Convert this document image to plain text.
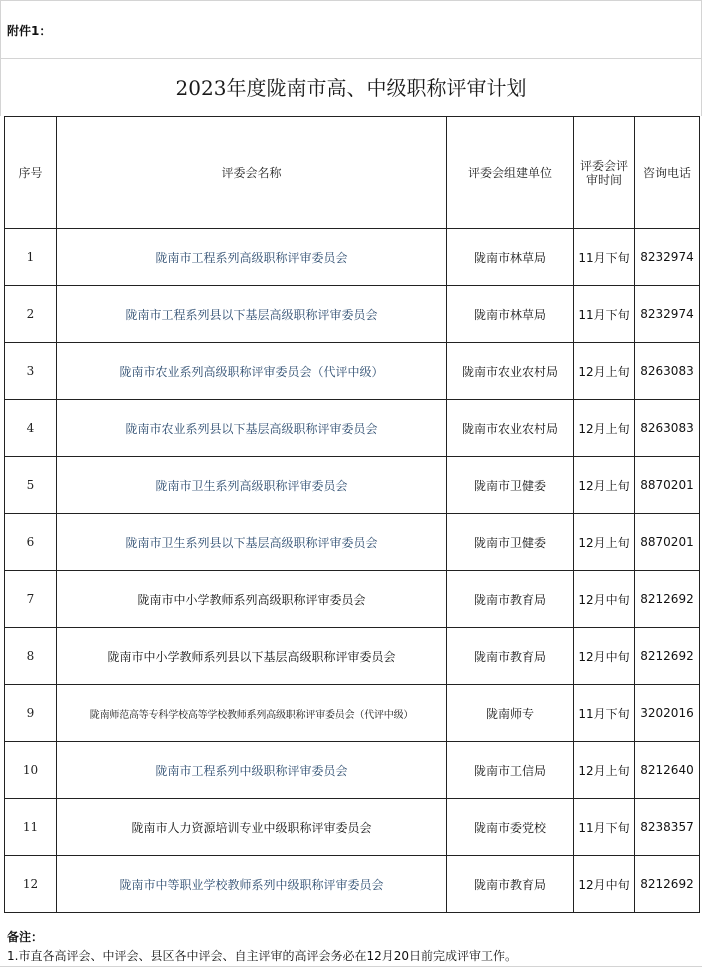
附件1：
2023年度陇南市高、中级职称评审计划
序号	评委会名称	评委会组建单位	评委会评审时间	咨询电话
1	陇南市工程系列高级职称评审委员会	陇南市林草局	11月下旬	8232974
2	陇南市工程系列县以下基层高级职称评审委员会	陇南市林草局	11月下旬	8232974
3	陇南市农业系列高级职称评审委员会（代评中级）	陇南市农业农村局	12月上旬	8263083
4	陇南市农业系列县以下基层高级职称评审委员会	陇南市农业农村局	12月上旬	8263083
5	陇南市卫生系列高级职称评审委员会	陇南市卫健委	12月上旬	8870201
6	陇南市卫生系列县以下基层高级职称评审委员会	陇南市卫健委	12月上旬	8870201
7	陇南市中小学教师系列高级职称评审委员会	陇南市教育局	12月中旬	8212692
8	陇南市中小学教师系列县以下基层高级职称评审委员会	陇南市教育局	12月中旬	8212692
9	陇南师范高等专科学校高等学校教师系列高级职称评审委员会（代评中级）	陇南师专	11月下旬	3202016
10	陇南市工程系列中级职称评审委员会	陇南市工信局	12月上旬	8212640
11	陇南市人力资源培训专业中级职称评审委员会	陇南市委党校	11月下旬	8238357
12	陇南市中等职业学校教师系列中级职称评审委员会	陇南市教育局	12月中旬	8212692
备注：
1.市直各高评会、中评会、县区各中评会、自主评审的高评会务必在12月20日前完成评审工作。
